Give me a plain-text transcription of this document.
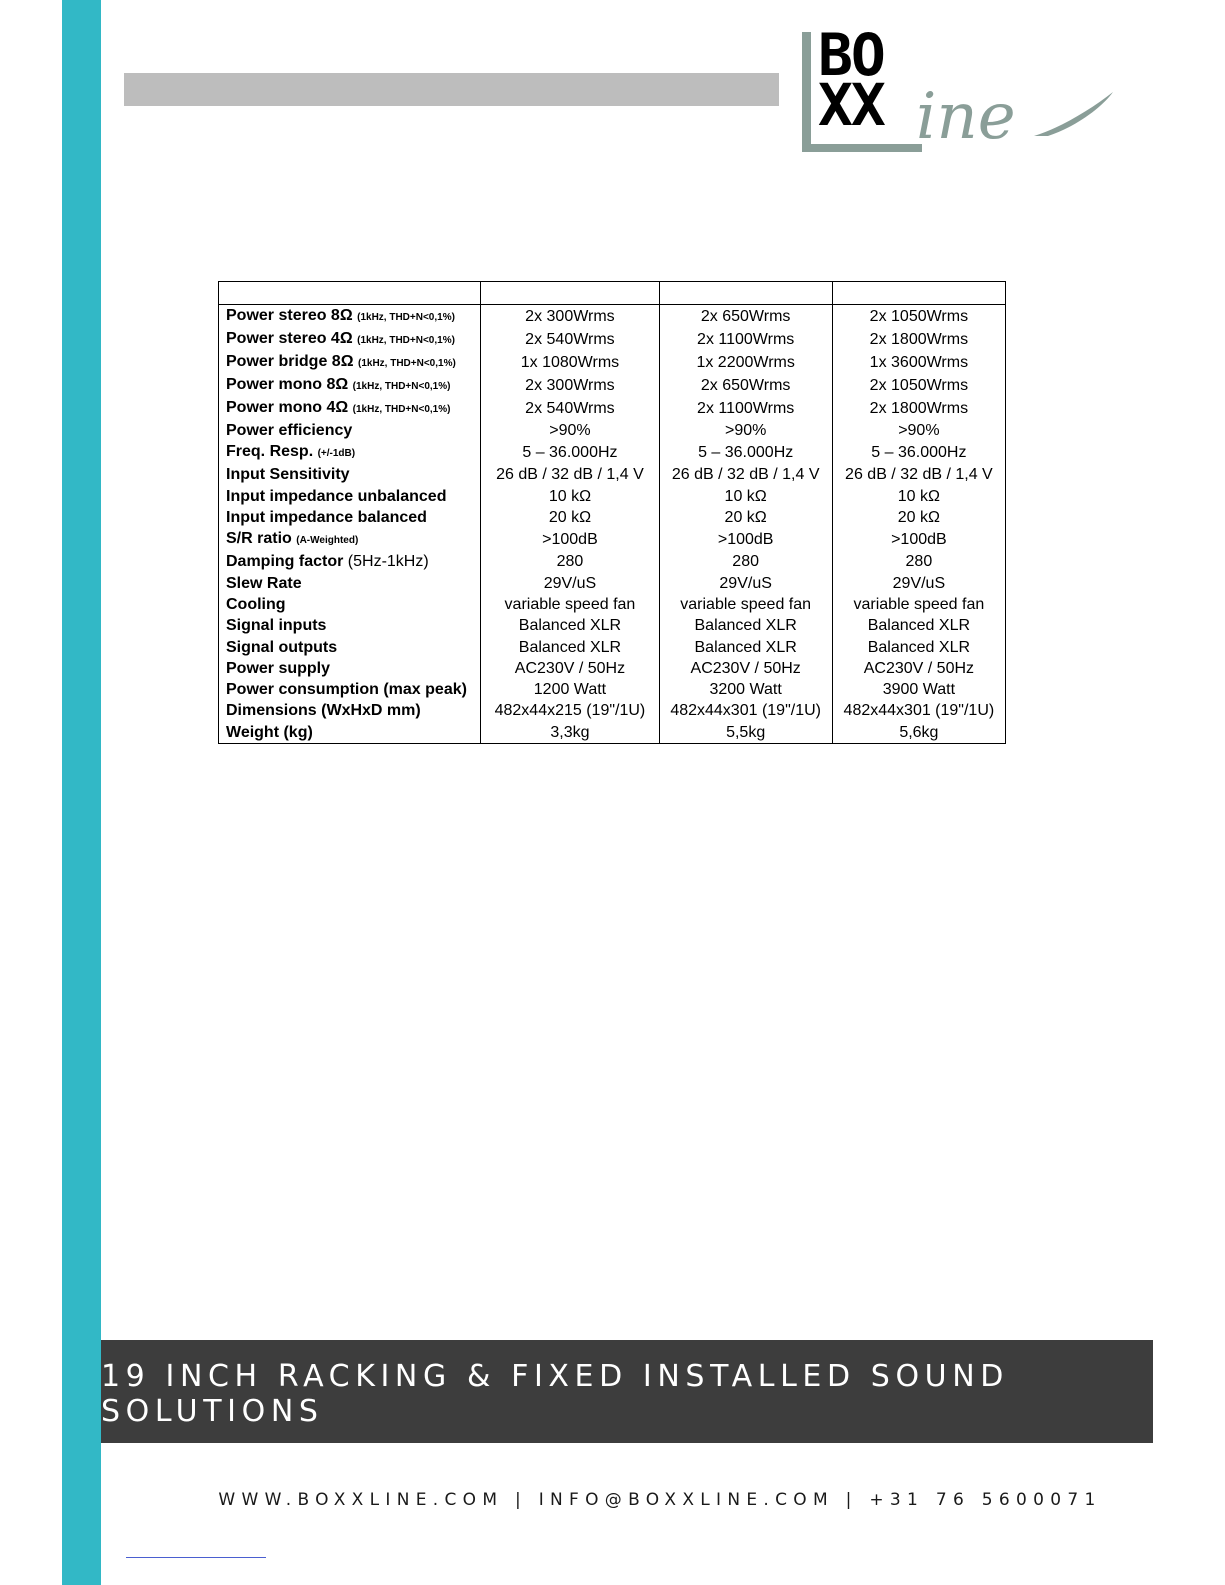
BO
XX ine

Power stereo 8Ω (1kHz, THD+N<0,1%)	2x 300Wrms	2x 650Wrms	2x 1050Wrms
Power stereo 4Ω (1kHz, THD+N<0,1%)	2x 540Wrms	2x 1100Wrms	2x 1800Wrms
Power bridge 8Ω (1kHz, THD+N<0,1%)	1x 1080Wrms	1x 2200Wrms	1x 3600Wrms
Power mono 8Ω (1kHz, THD+N<0,1%)	2x 300Wrms	2x 650Wrms	2x 1050Wrms
Power mono 4Ω (1kHz, THD+N<0,1%)	2x 540Wrms	2x 1100Wrms	2x 1800Wrms
Power efficiency	>90%	>90%	>90%
Freq. Resp. (+/-1dB)	5 – 36.000Hz	5 – 36.000Hz	5 – 36.000Hz
Input Sensitivity	26 dB / 32 dB / 1,4 V	26 dB / 32 dB / 1,4 V	26 dB / 32 dB / 1,4 V
Input impedance unbalanced	10 kΩ	10 kΩ	10 kΩ
Input impedance balanced	20 kΩ	20 kΩ	20 kΩ
S/R ratio (A-Weighted)	>100dB	>100dB	>100dB
Damping factor (5Hz-1kHz)	280	280	280
Slew Rate	29V/uS	29V/uS	29V/uS
Cooling	variable speed fan	variable speed fan	variable speed fan
Signal inputs	Balanced XLR	Balanced XLR	Balanced XLR
Signal outputs	Balanced XLR	Balanced XLR	Balanced XLR
Power supply	AC230V / 50Hz	AC230V / 50Hz	AC230V / 50Hz
Power consumption (max peak)	1200 Watt	3200 Watt	3900 Watt
Dimensions (WxHxD mm)	482x44x215 (19"/1U)	482x44x301 (19"/1U)	482x44x301 (19"/1U)
Weight (kg)	3,3kg	5,5kg	5,6kg
19 INCH RACKING & FIXED INSTALLED SOUND SOLUTIONS
WWW.BOXXLINE.COM | INFO@BOXXLINE.COM | +31 76 5600071
